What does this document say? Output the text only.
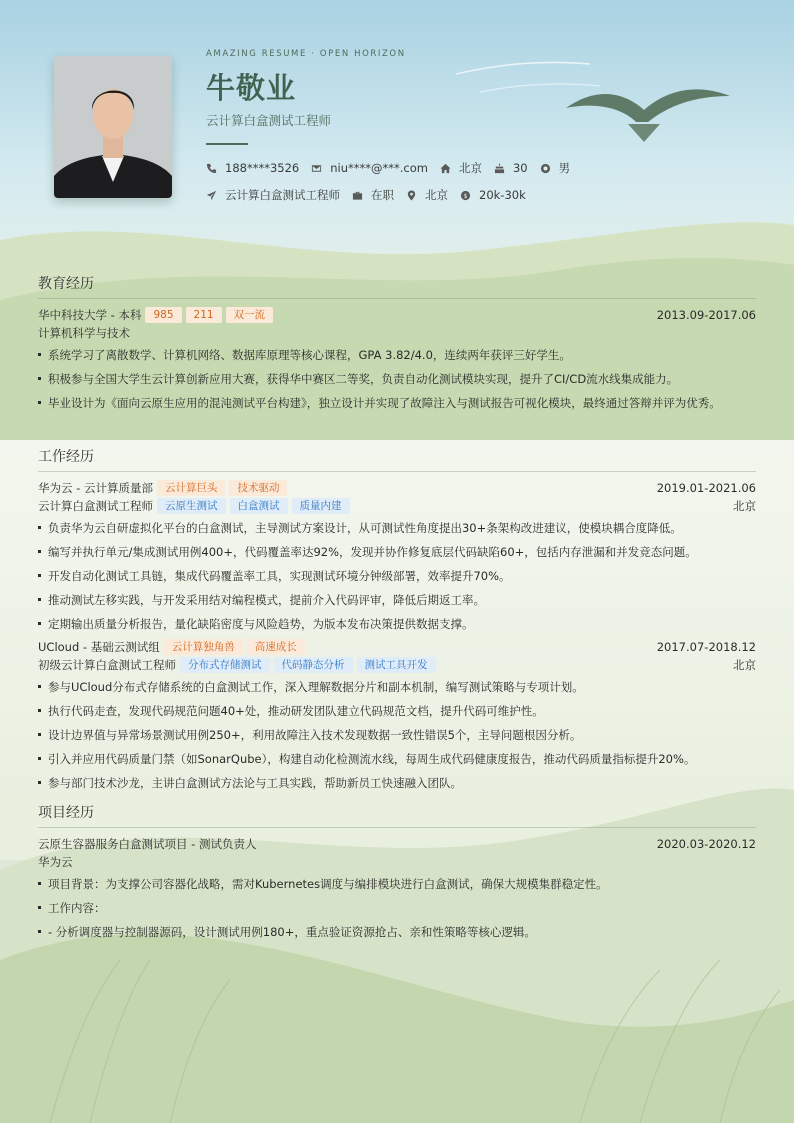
AMAZING RESUME · OPEN HORIZON
牛敬业
云计算白盒测试工程师
188****3526	niu****@***.com	北京	30	男
云计算白盒测试工程师	在职	北京 $ 20k-30k
教育经历
华中科技大学 - 本科	985	211	双一流	2013.09-2017.06
计算机科学与技术
系统学习了离散数学、计算机网络、数据库原理等核心课程，GPA 3.82/4.0，连续两年获评三好学生。
积极参与全国大学生云计算创新应用大赛，获得华中赛区二等奖，负责自动化测试模块实现，提升了CI/CD流水线集成能力。
毕业设计为《面向云原生应用的混沌测试平台构建》，独立设计并实现了故障注入与测试报告可视化模块，最终通过答辩并评为优秀。
工作经历
华为云 - 云计算质量部	云计算巨头	技术驱动	2019.01-2021.06
云计算白盒测试工程师	云原生测试	白盒测试	质量内建	北京
负责华为云自研虚拟化平台的白盒测试，主导测试方案设计，从可测试性角度提出30+条架构改进建议，使模块耦合度降低。
编写并执行单元/集成测试用例400+，代码覆盖率达92%，发现并协作修复底层代码缺陷60+，包括内存泄漏和并发竞态问题。
开发自动化测试工具链，集成代码覆盖率工具，实现测试环境分钟级部署，效率提升70%。
推动测试左移实践，与开发采用结对编程模式，提前介入代码评审，降低后期返工率。
定期输出质量分析报告，量化缺陷密度与风险趋势，为版本发布决策提供数据支撑。
UCloud - 基础云测试组	云计算独角兽	高速成长	2017.07-2018.12
初级云计算白盒测试工程师	分布式存储测试	代码静态分析	测试工具开发	北京
参与UCloud分布式存储系统的白盒测试工作，深入理解数据分片和副本机制，编写测试策略与专项计划。
执行代码走查，发现代码规范问题40+处，推动研发团队建立代码规范文档，提升代码可维护性。
设计边界值与异常场景测试用例250+，利用故障注入技术发现数据一致性错误5个，主导问题根因分析。
引入并应用代码质量门禁（如SonarQube），构建自动化检测流水线，每周生成代码健康度报告，推动代码质量指标提升20%。
参与部门技术沙龙，主讲白盒测试方法论与工具实践，帮助新员工快速融入团队。
项目经历
云原生容器服务白盒测试项目 - 测试负责人	2020.03-2020.12
华为云
项目背景：为支撑公司容器化战略，需对Kubernetes调度与编排模块进行白盒测试，确保大规模集群稳定性。
工作内容：
- 分析调度器与控制器源码，设计测试用例180+，重点验证资源抢占、亲和性策略等核心逻辑。
